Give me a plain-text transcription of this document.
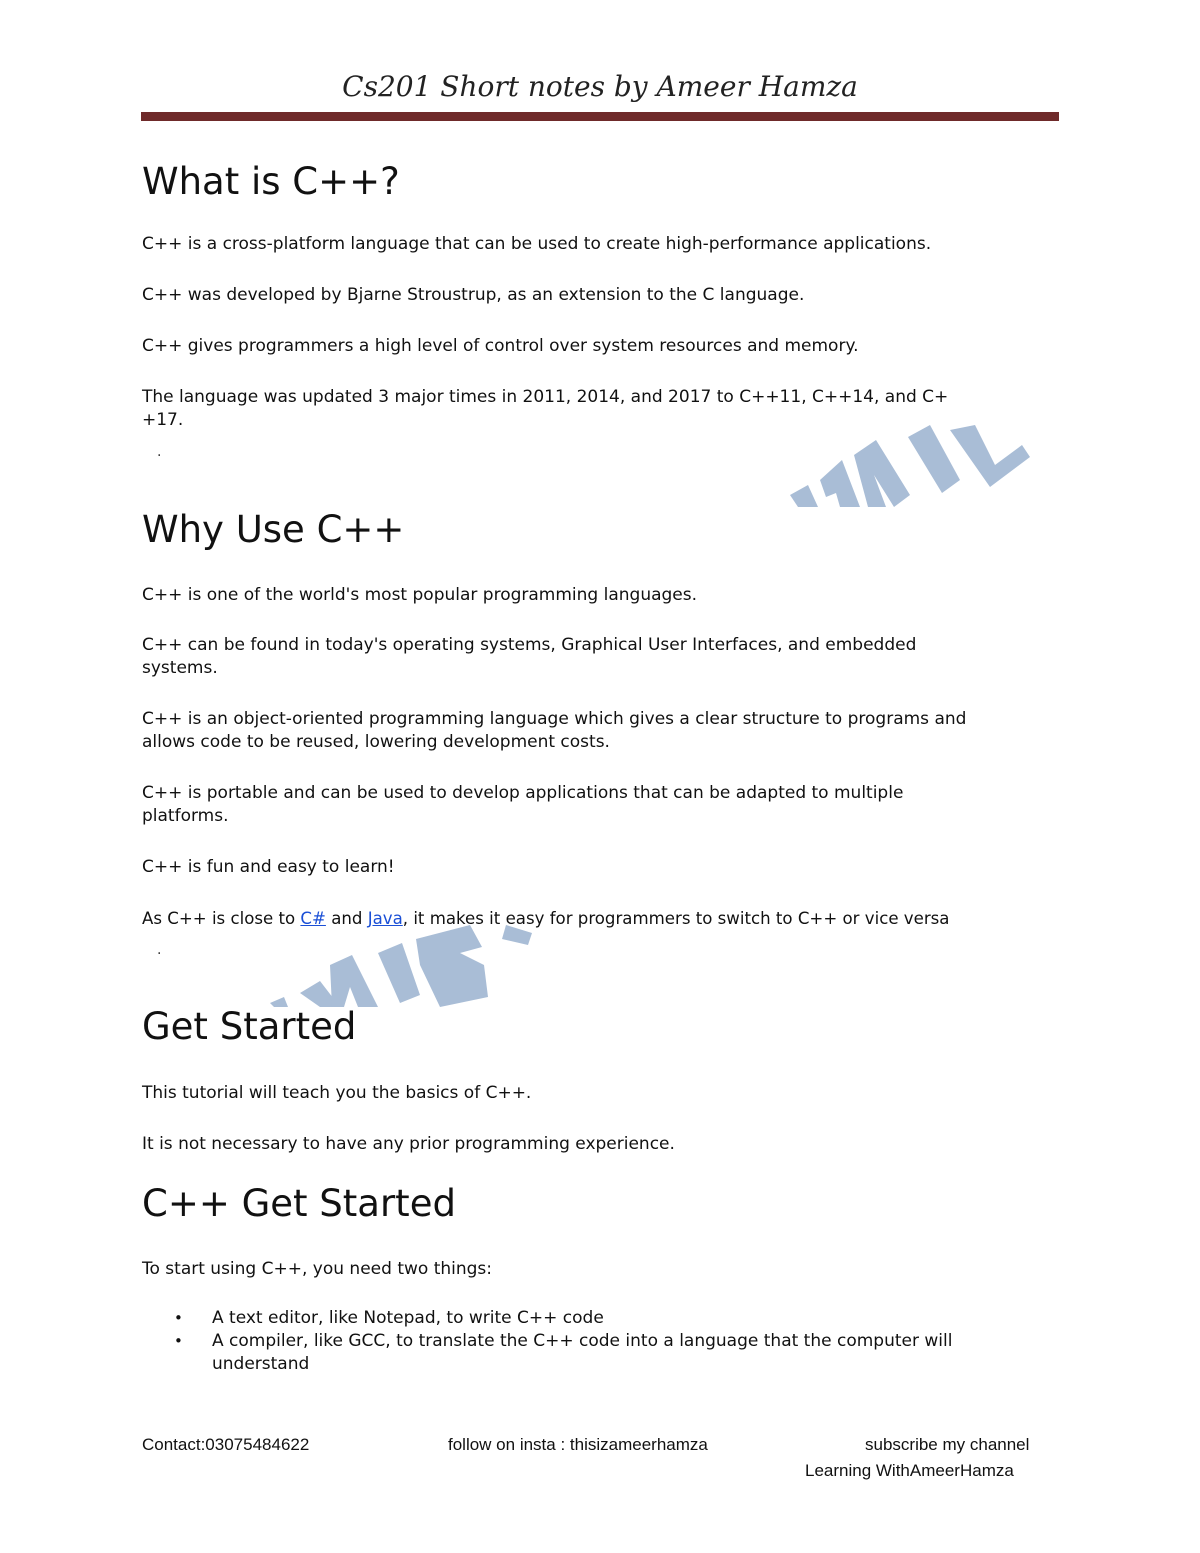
Cs201 Short notes by Ameer Hamza
What is C++?

C++ is a cross-platform language that can be used to create high-performance applications.

C++ was developed by Bjarne Stroustrup, as an extension to the C language.

C++ gives programmers a high level of control over system resources and memory.

The language was updated 3 major times in 2011, 2014, and 2017 to C++11, C++14, and C+

+17.

.
Why Use C++

C++ is one of the world's most popular programming languages.

C++ can be found in today's operating systems, Graphical User Interfaces, and embedded

systems.

C++ is an object-oriented programming language which gives a clear structure to programs and

allows code to be reused, lowering development costs.

C++ is portable and can be used to develop applications that can be adapted to multiple

platforms.

C++ is fun and easy to learn!

As C++ is close to C# and Java, it makes it easy for programmers to switch to C++ or vice versa

.
Get Started

This tutorial will teach you the basics of C++.

It is not necessary to have any prior programming experience.

C++ Get Started

To start using C++, you need two things:

• A text editor, like Notepad, to write C++ code
• A compiler, like GCC, to translate the C++ code into a language that the computer will
understand
Contact:03075484622	follow on insta : thisizameerhamza	subscribe my channel
Learning WithAmeerHamza
